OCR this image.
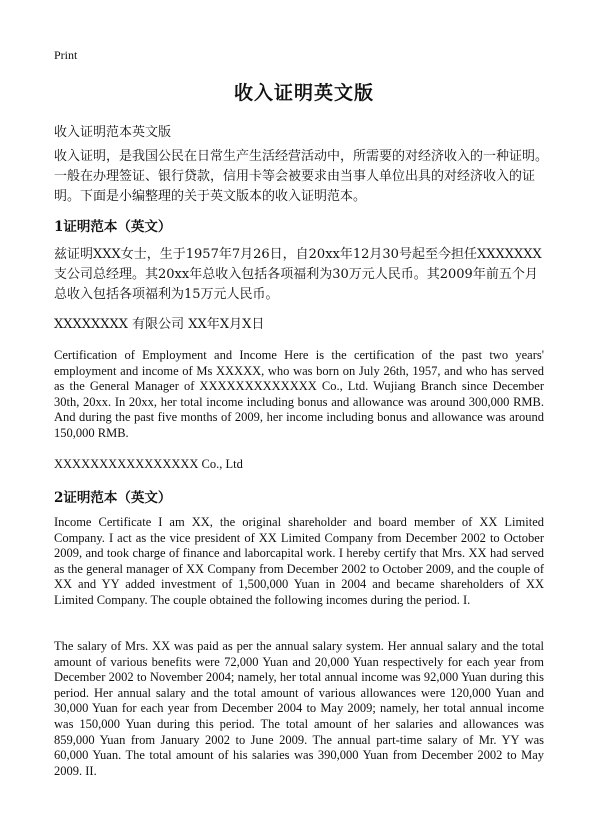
Print
收入证明英文版
收入证明范本英文版
收入证明，是我国公民在日常生产生活经营活动中，所需要的对经济收入的一种证明。一般在办理签证、银行贷款，信用卡等会被要求由当事人单位出具的对经济收入的证明。下面是小编整理的关于英文版本的收入证明范本。
1证明范本（英文）
兹证明XXX女士，生于1957年7月26日，自20xx年12月30号起至今担任XXXXXXX支公司总经理。其20xx年总收入包括各项福利为30万元人民币。其2009年前五个月总收入包括各项福利为15万元人民币。
XXXXXXXX 有限公司 XX年X月X日
Certification of Employment and Income Here is the certification of the past two years' employment and income of Ms XXXXX, who was born on July 26th, 1957, and who has served as the General Manager of XXXXXXXXXXXXX Co., Ltd. Wujiang Branch since December 30th, 20xx. In 20xx, her total income including bonus and allowance was around 300,000 RMB. And during the past five months of 2009, her income including bonus and allowance was around 150,000 RMB.
XXXXXXXXXXXXXXXX Co., Ltd
2证明范本（英文）
Income Certificate I am XX, the original shareholder and board member of XX Limited Company. I act as the vice president of XX Limited Company from December 2002 to October 2009, and took charge of finance and laborcapital work. I hereby certify that Mrs. XX had served as the general manager of XX Company from December 2002 to October 2009, and the couple of XX and YY added investment of 1,500,000 Yuan in 2004 and became shareholders of XX Limited Company. The couple obtained the following incomes during the period. I.
The salary of Mrs. XX was paid as per the annual salary system. Her annual salary and the total amount of various benefits were 72,000 Yuan and 20,000 Yuan respectively for each year from December 2002 to November 2004; namely, her total annual income was 92,000 Yuan during this period. Her annual salary and the total amount of various allowances were 120,000 Yuan and 30,000 Yuan for each year from December 2004 to May 2009; namely, her total annual income was 150,000 Yuan during this period. The total amount of her salaries and allowances was 859,000 Yuan from January 2002 to June 2009. The annual part-time salary of Mr. YY was 60,000 Yuan. The total amount of his salaries was 390,000 Yuan from December 2002 to May 2009. II.
